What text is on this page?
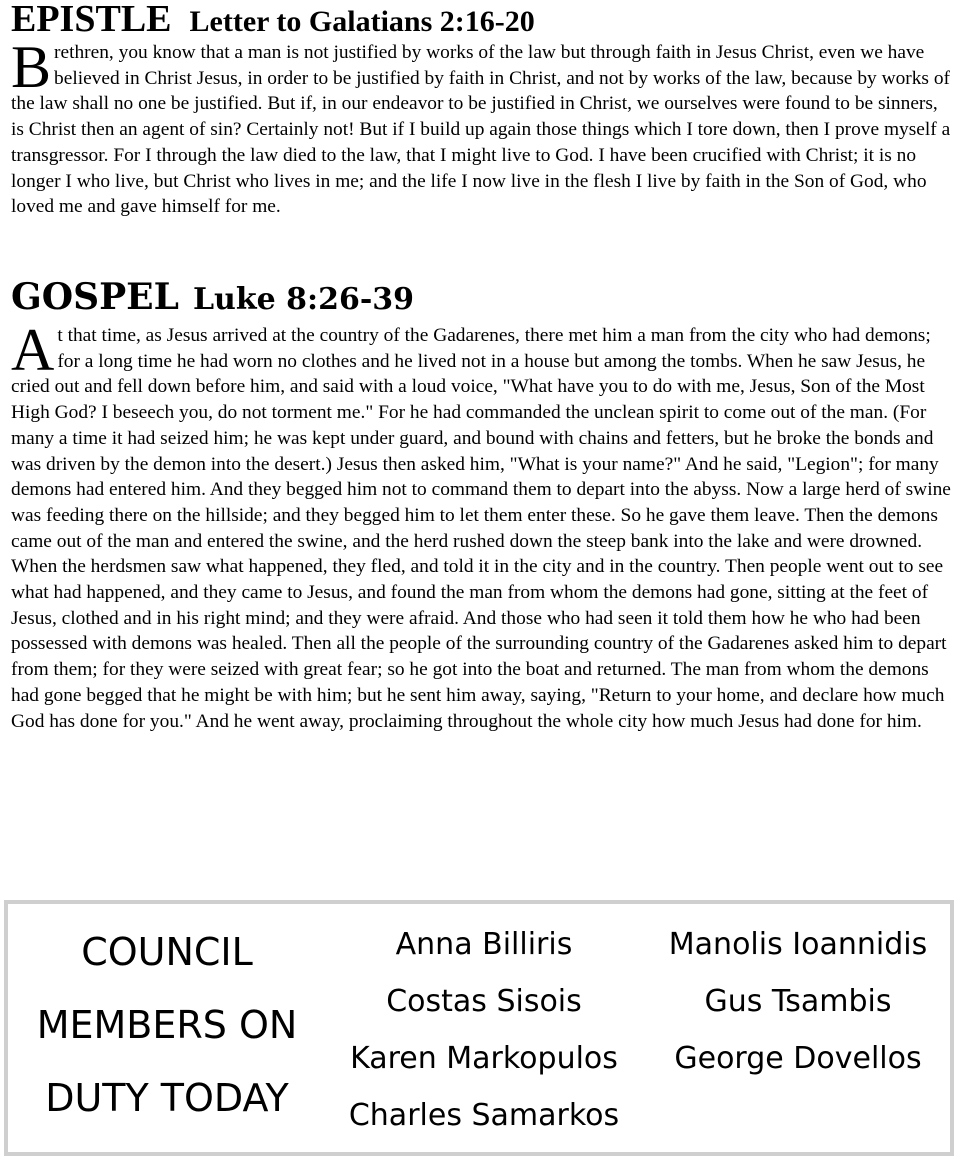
EPISTLE Letter to Galatians 2:16-20

Brethren, you know that a man is not justified by works of the law but through faith in Jesus Christ, even we have believed in Christ Jesus, in order to be justified by faith in Christ, and not by works of the law, because by works of the law shall no one be justified. But if, in our endeavor to be justified in Christ, we ourselves were found to be sinners, is Christ then an agent of sin? Certainly not! But if I build up again those things which I tore down, then I prove myself a transgressor. For I through the law died to the law, that I might live to God. I have been crucified with Christ; it is no longer I who live, but Christ who lives in me; and the life I now live in the flesh I live by faith in the Son of God, who loved me and gave himself for me.

GOSPEL Luke 8:26-39

At that time, as Jesus arrived at the country of the Gadarenes, there met him a man from the city who had demons; for a long time he had worn no clothes and he lived not in a house but among the tombs. When he saw Jesus, he cried out and fell down before him, and said with a loud voice, "What have you to do with me, Jesus, Son of the Most High God? I beseech you, do not torment me." For he had commanded the unclean spirit to come out of the man. (For many a time it had seized him; he was kept under guard, and bound with chains and fetters, but he broke the bonds and was driven by the demon into the desert.) Jesus then asked him, "What is your name?" And he said, "Legion"; for many demons had entered him. And they begged him not to command them to depart into the abyss. Now a large herd of swine was feeding there on the hillside; and they begged him to let them enter these. So he gave them leave. Then the demons came out of the man and entered the swine, and the herd rushed down the steep bank into the lake and were drowned. When the herdsmen saw what happened, they fled, and told it in the city and in the country. Then people went out to see what had happened, and they came to Jesus, and found the man from whom the demons had gone, sitting at the feet of Jesus, clothed and in his right mind; and they were afraid. And those who had seen it told them how he who had been possessed with demons was healed. Then all the people of the surrounding country of the Gadarenes asked him to depart from them; for they were seized with great fear; so he got into the boat and returned. The man from whom the demons had gone begged that he might be with him; but he sent him away, saying, "Return to your home, and declare how much God has done for you." And he went away, proclaiming throughout the whole city how much Jesus had done for him.

COUNCIL
MEMBERS ON
DUTY TODAY
Anna Billiris
Costas Sisois
Karen Markopulos
Charles Samarkos
Manolis Ioannidis
Gus Tsambis
George Dovellos
